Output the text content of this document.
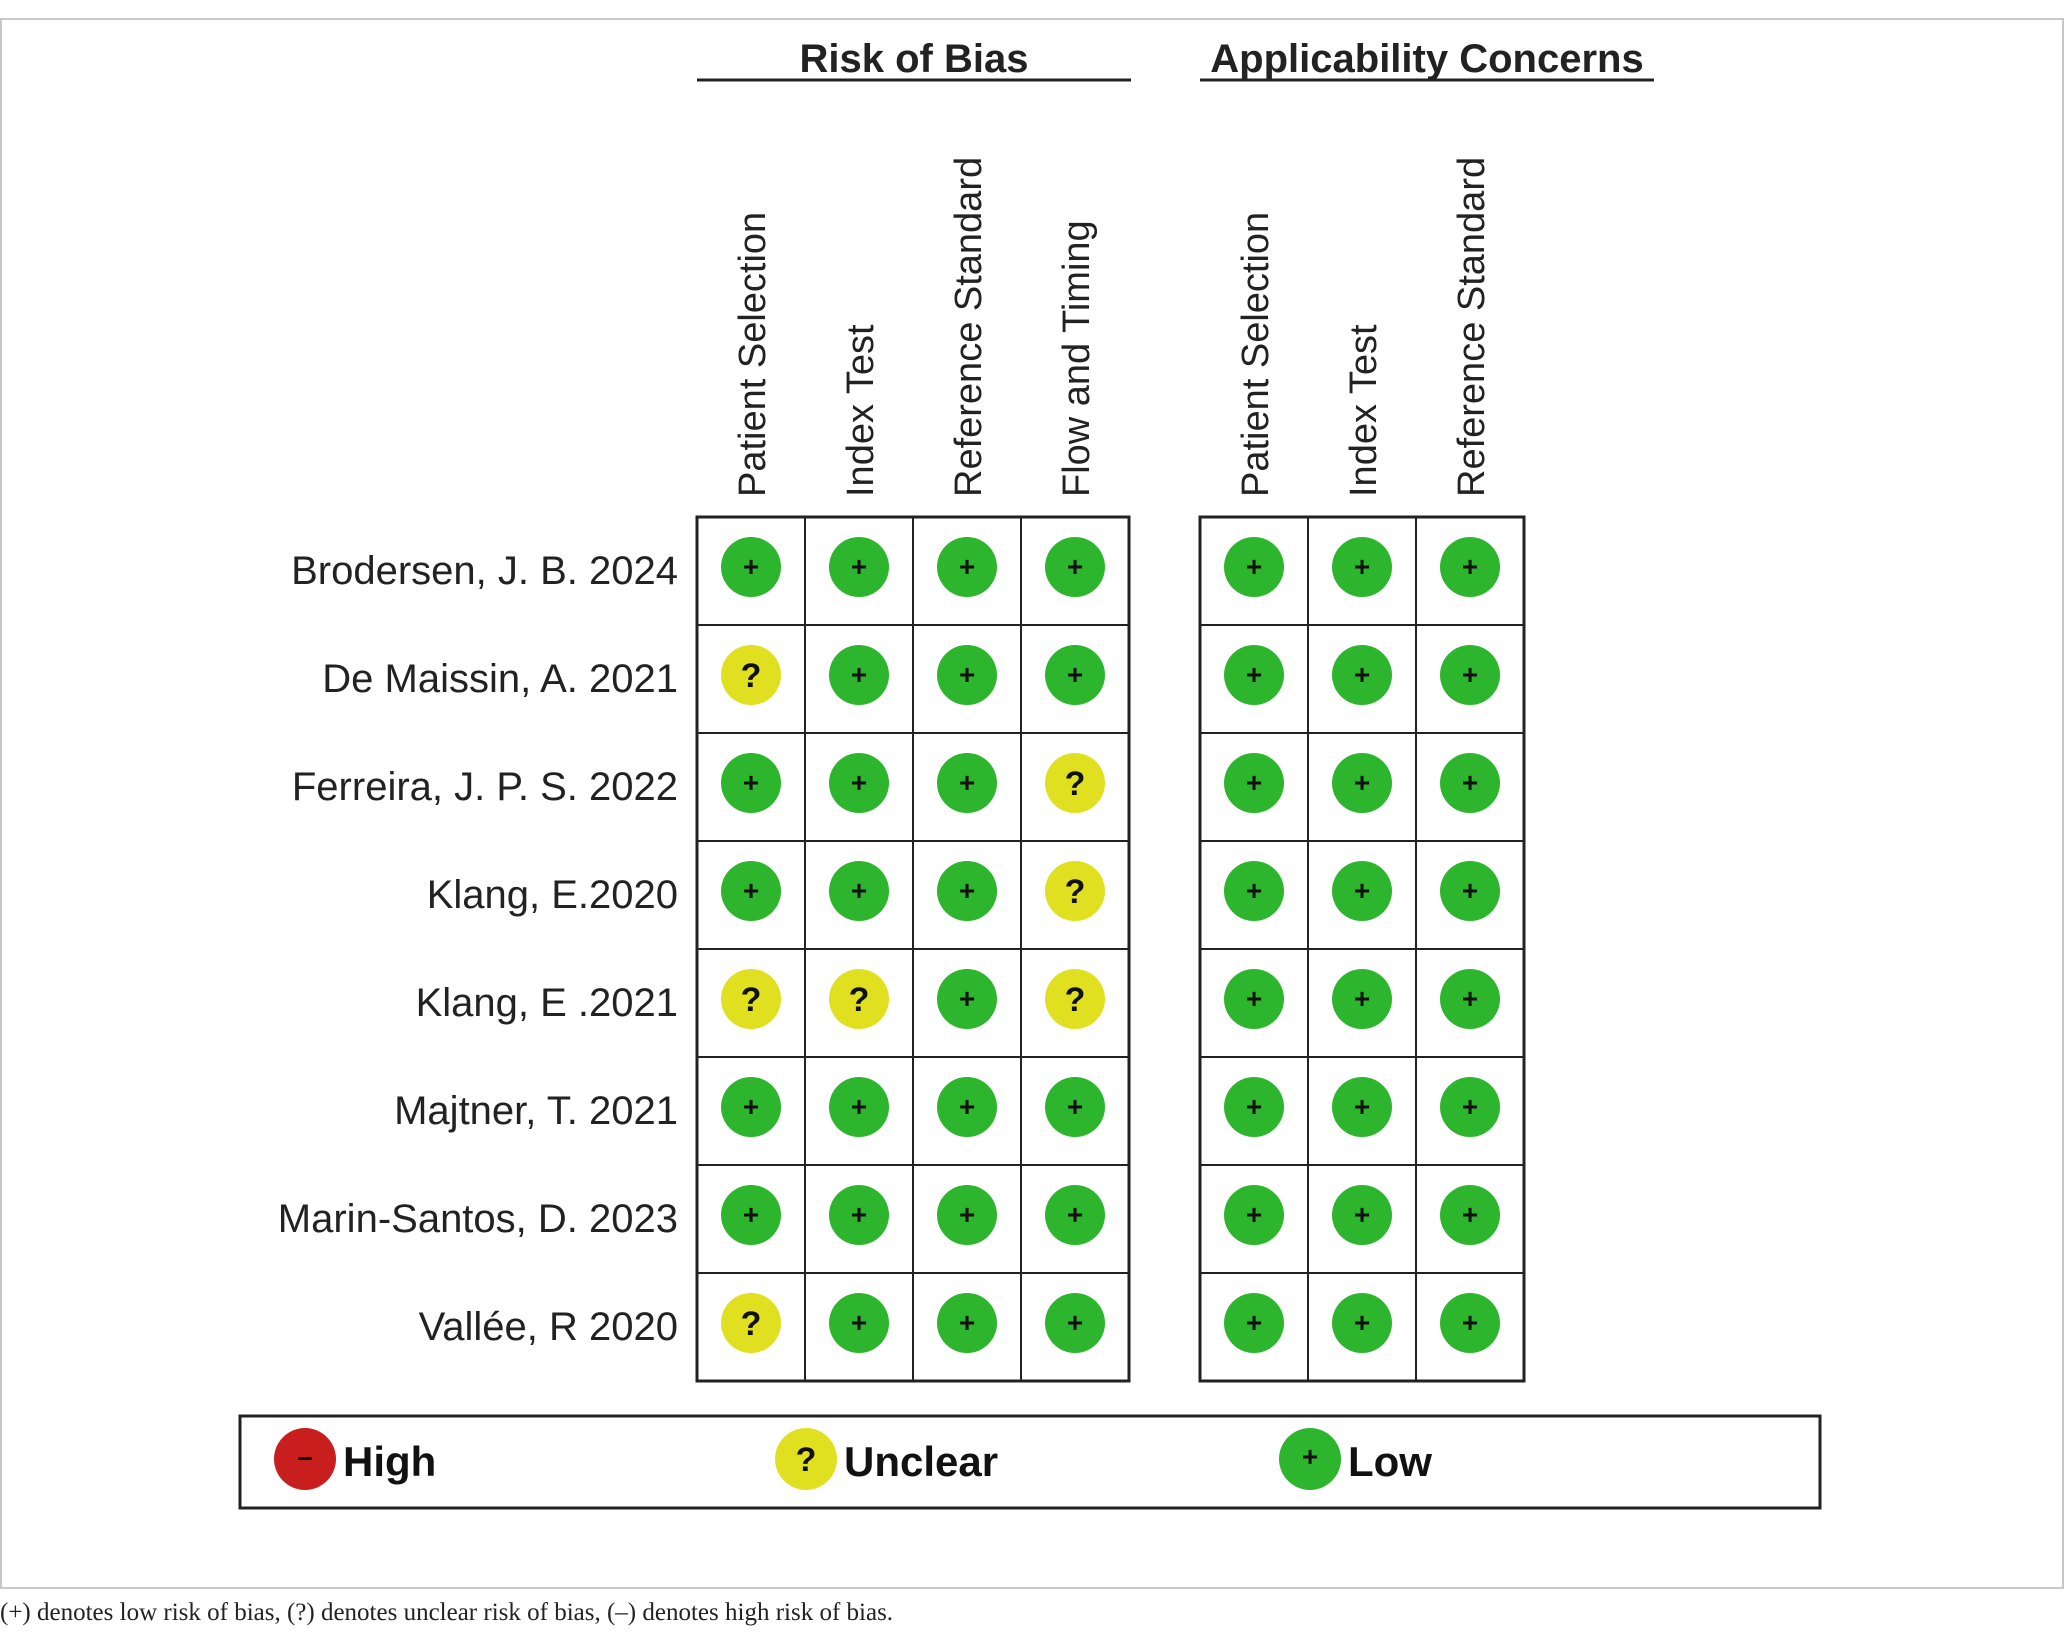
Risk of Bias	Applicability Concerns
Patient Selection Index Test Reference Standard Flow and Timing	Patient Selection Index Test Reference Standard
Brodersen, J. B. 2024 +	+	+	+	+	+	+
De Maissin, A. 2021 ?	+	+	+	+	+	+
Ferreira, J. P. S. 2022 +	+	+	?	+	+	+
Klang, E.2020 +	+	+	?	+	+	+
Klang, E .2021 ?	?	+	?	+	+	+
Majtner, T. 2021 +	+	+	+	+	+	+
Marin-Santos, D. 2023 +	+	+	+	+	+	+
Vallée, R 2020 ?	+	+	+	+	+	+
– High	? Unclear	+ Low
(+) denotes low risk of bias, (?) denotes unclear risk of bias, (–) denotes high risk of bias.
